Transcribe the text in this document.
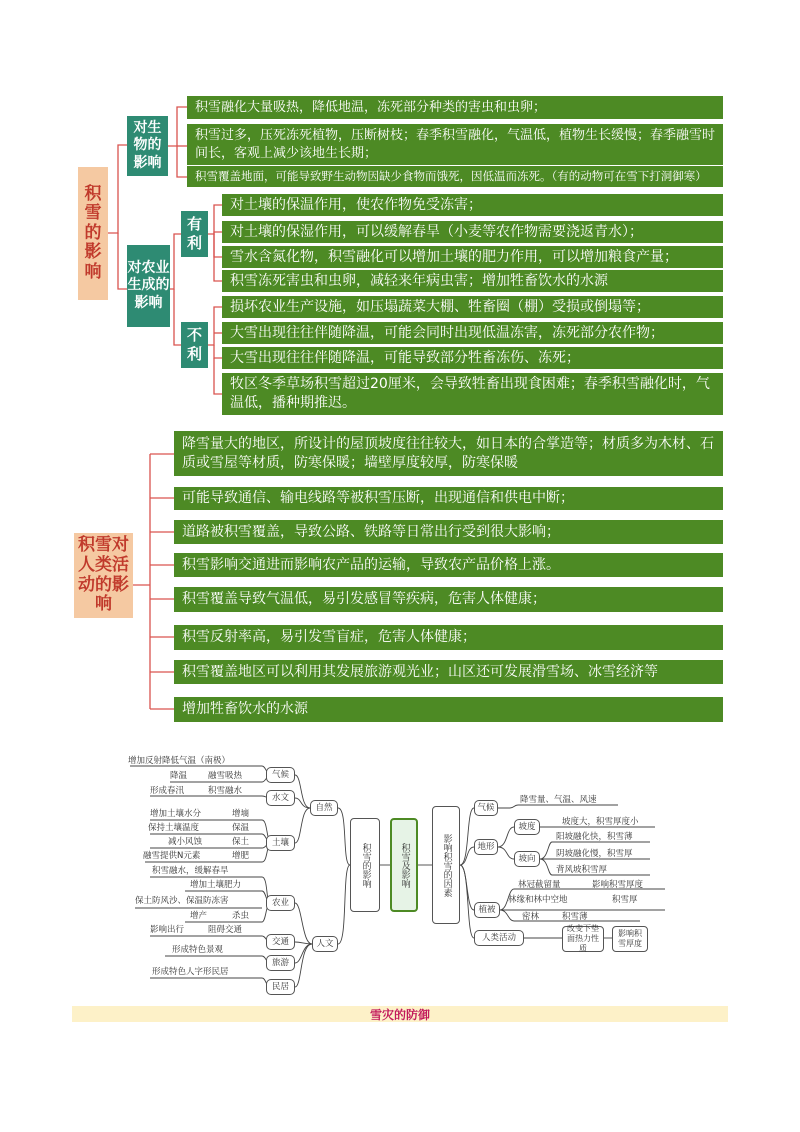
积雪的影响
对生物的影响
积雪融化大量吸热，降低地温，冻死部分种类的害虫和虫卵；
积雪过多，压死冻死植物，压断树枝；春季积雪融化，气温低，植物生长缓慢；春季融雪时间长，客观上减少该地生长期；
积雪覆盖地面，可能导致野生动物因缺少食物而饿死，因低温而冻死。（有的动物可在雪下打洞御寒）
对农业生成的影响
有利
不利
对土壤的保温作用，使农作物免受冻害；
对土壤的保湿作用，可以缓解春旱（小麦等农作物需要浇返青水）；
雪水含氮化物，积雪融化可以增加土壤的肥力作用，可以增加粮食产量；
积雪冻死害虫和虫卵，减轻来年病虫害；增加牲畜饮水的水源
损坏农业生产设施，如压塌蔬菜大棚、牲畜圈（棚）受损或倒塌等；
大雪出现往往伴随降温，可能会同时出现低温冻害，冻死部分农作物；
大雪出现往往伴随降温，可能导致部分牲畜冻伤、冻死；
牧区冬季草场积雪超过20厘米，会导致牲畜出现食困难；春季积雪融化时，气温低，播种期推迟。
积雪对人类活动的影响
降雪量大的地区，所设计的屋顶坡度往往较大，如日本的合掌造等；材质多为木材、石质或雪屋等材质，防寒保暖；墙壁厚度较厚，防寒保暖
可能导致通信、输电线路等被积雪压断，出现通信和供电中断；
道路被积雪覆盖，导致公路、铁路等日常出行受到很大影响；
积雪影响交通进而影响农产品的运输，导致农产品价格上涨。
积雪覆盖导致气温低，易引发感冒等疾病，危害人体健康；
积雪反射率高，易引发雪盲症，危害人体健康；
积雪覆盖地区可以利用其发展旅游观光业；山区还可发展滑雪场、冰雪经济等
增加牲畜饮水的水源
增加反射降低气温（南极）
降温 融雪吸热
形成春汛	积雪融水
增加土壤水分	增墒
保持土壤温度	保温
减小风蚀	保土
融雪提供N元素	增肥
积雪融水，缓解春旱
增加土壤肥力
保土防风沙、保温防冻害
增产	杀虫
影响出行	阻碍交通
形成特色景观
形成特色人字形民居
气候
水文
土壤
农业
交通
旅游
民居
自然
人文
积雪的影响	积雪及影响	影响积雪的因素
气候
降雪量、气温、风速
地形
坡度	坡度大，积雪厚度小
坡向
阳坡融化快，积雪薄
阴坡融化慢，积雪厚
背风坡积雪厚
植被
林冠截留量	影响积雪厚度
林缘和林中空地	积雪厚
密林	积雪薄
人类活动
改变下垫面热力性质
影响积雪厚度
雪灾的防御
